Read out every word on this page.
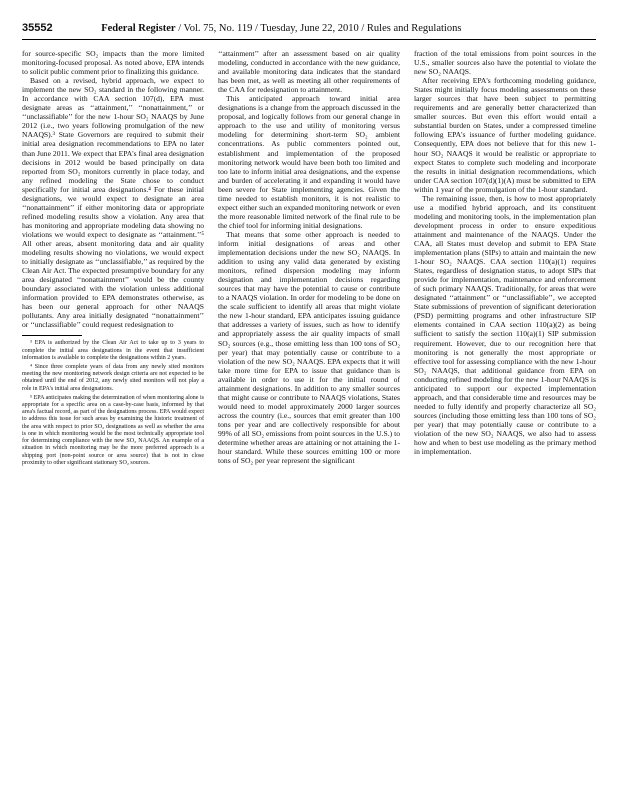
35552	Federal Register / Vol. 75, No. 119 / Tuesday, June 22, 2010 / Rules and Regulations

for source-specific SO₂ impacts than the more limited monitoring-focused proposal. As noted above, EPA intends to solicit public comment prior to finalizing this guidance.

Based on a revised, hybrid approach, we expect to implement the new SO₂ standard in the following manner. In accordance with CAA section 107(d), EPA must designate areas as ‘‘attainment,’’ ‘‘nonattainment,’’ or ‘‘unclassifiable’’ for the new 1-hour SO₂ NAAQS by June 2012 (i.e., two years following promulgation of the new NAAQS).³ State Governors are required to submit their initial area designation recommendations to EPA no later than June 2011. We expect that EPA's final area designation decisions in 2012 would be based principally on data reported from SO₂ monitors currently in place today, and any refined modeling the State chose to conduct specifically for initial area designations.⁴ For these initial designations, we would expect to designate an area ‘‘nonattainment’’ if either monitoring data or appropriate refined modeling results show a violation. Any area that has monitoring and appropriate modeling data showing no violations we would expect to designate as ‘‘attainment.’’⁵ All other areas, absent monitoring data and air quality modeling results showing no violations, we would expect to initially designate as ‘‘unclassifiable,’’ as required by the Clean Air Act. The expected presumptive boundary for any area designated ‘‘nonattainment’’ would be the county boundary associated with the violation unless additional information provided to EPA demonstrates otherwise, as has been our general approach for other NAAQS pollutants. Any area initially designated ‘‘nonattainment’’ or ‘‘unclassifiable’’ could request redesignation to

³ EPA is authorized by the Clean Air Act to take up to 3 years to complete the initial area designations in the event that insufficient information is available to complete the designations within 2 years.

⁴ Since three complete years of data from any newly sited monitors meeting the new monitoring network design criteria are not expected to be obtained until the end of 2012, any newly sited monitors will not play a role in EPA's initial area designations.

⁵ EPA anticipates making the determination of when monitoring alone is appropriate for a specific area on a case-by-case basis, informed by that area's factual record, as part of the designations process. EPA would expect to address this issue for such areas by examining the historic treatment of the area with respect to prior SO₂ designations as well as whether the area is one in which monitoring would be the most technically appropriate tool for determining compliance with the new SO₂ NAAQS. An example of a situation in which monitoring may be the more preferred approach is a shipping port (non-point source or area source) that is not in close proximity to other significant stationary SO₂ sources.

‘‘attainment’’ after an assessment based on air quality modeling, conducted in accordance with the new guidance, and available monitoring data indicates that the standard has been met, as well as meeting all other requirements of the CAA for redesignation to attainment.

This anticipated approach toward initial area designations is a change from the approach discussed in the proposal, and logically follows from our general change in approach to the use and utility of monitoring versus modeling for determining short-term SO₂ ambient concentrations. As public commenters pointed out, establishment and implementation of the proposed monitoring network would have been both too limited and too late to inform initial area designations, and the expense and burden of accelerating it and expanding it would have been severe for State implementing agencies. Given the time needed to establish monitors, it is not realistic to expect either such an expanded monitoring network or even the more reasonable limited network of the final rule to be the chief tool for informing initial designations.

That means that some other approach is needed to inform initial designations of areas and other implementation decisions under the new SO₂ NAAQS. In addition to using any valid data generated by existing monitors, refined dispersion modeling may inform designation and implementation decisions regarding sources that may have the potential to cause or contribute to a NAAQS violation. In order for modeling to be done on the scale sufficient to identify all areas that might violate the new 1-hour standard, EPA anticipates issuing guidance that addresses a variety of issues, such as how to identify and appropriately assess the air quality impacts of small SO₂ sources (e.g., those emitting less than 100 tons of SO₂ per year) that may potentially cause or contribute to a violation of the new SO₂ NAAQS. EPA expects that it will take more time for EPA to issue that guidance than is available in order to use it for the initial round of attainment designations. In addition to any smaller sources that might cause or contribute to NAAQS violations, States would need to model approximately 2000 larger sources across the country (i.e., sources that emit greater than 100 tons per year and are collectively responsible for about 99% of all SO₂ emissions from point sources in the U.S.) to determine whether areas are attaining or not attaining the 1-hour standard. While these sources emitting 100 or more tons of SO₂ per year represent the significant

fraction of the total emissions from point sources in the U.S., smaller sources also have the potential to violate the new SO₂ NAAQS.

After receiving EPA's forthcoming modeling guidance, States might initially focus modeling assessments on these larger sources that have been subject to permitting requirements and are generally better characterized than smaller sources. But even this effort would entail a substantial burden on States, under a compressed timeline following EPA's issuance of further modeling guidance. Consequently, EPA does not believe that for this new 1-hour SO₂ NAAQS it would be realistic or appropriate to expect States to complete such modeling and incorporate the results in initial designation recommendations, which under CAA section 107(d)(1)(A) must be submitted to EPA within 1 year of the promulgation of the 1-hour standard.

The remaining issue, then, is how to most appropriately use a modified hybrid approach, and its constituent modeling and monitoring tools, in the implementation plan development process in order to ensure expeditious attainment and maintenance of the NAAQS. Under the CAA, all States must develop and submit to EPA State implementation plans (SIPs) to attain and maintain the new 1-hour SO₂ NAAQS. CAA section 110(a)(1) requires States, regardless of designation status, to adopt SIPs that provide for implementation, maintenance and enforcement of such primary NAAQS. Traditionally, for areas that were designated ‘‘attainment’’ or ‘‘unclassifiable’’, we accepted State submissions of prevention of significant deterioration (PSD) permitting programs and other infrastructure SIP elements contained in CAA section 110(a)(2) as being sufficient to satisfy the section 110(a)(1) SIP submission requirement. However, due to our recognition here that monitoring is not generally the most appropriate or effective tool for assessing compliance with the new 1-hour SO₂ NAAQS, that additional guidance from EPA on conducting refined modeling for the new 1-hour NAAQS is anticipated to support our expected implementation approach, and that considerable time and resources may be needed to fully identify and properly characterize all SO₂ sources (including those emitting less than 100 tons of SO₂ per year) that may potentially cause or contribute to a violation of the new SO₂ NAAQS, we also had to assess how and when to best use modeling as the primary method in implementation.
